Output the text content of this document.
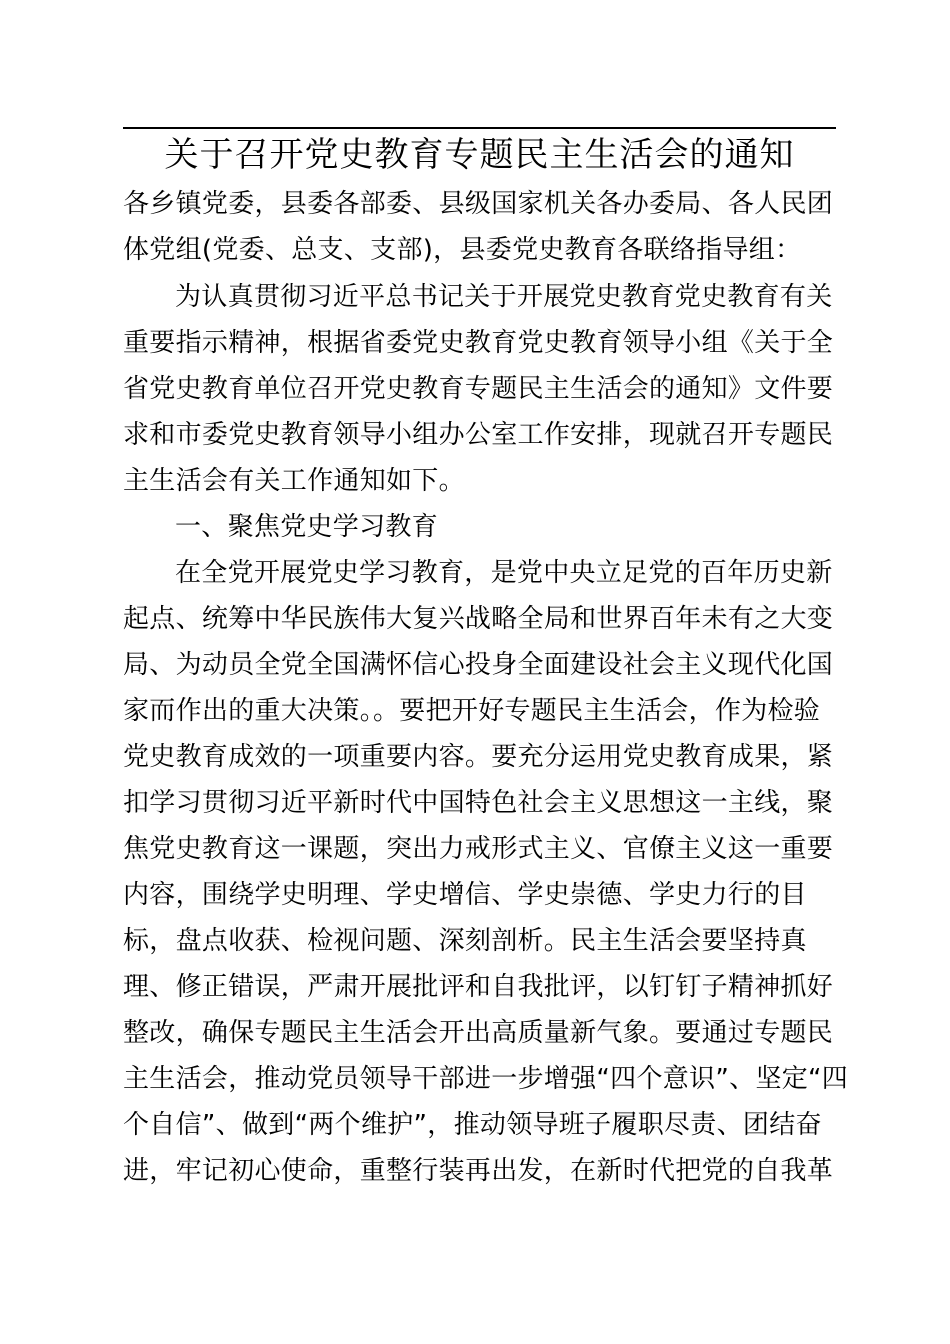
关于召开党史教育专题民主生活会的通知
各乡镇党委，县委各部委、县级国家机关各办委局、各人民团
体党组(党委、总支、支部)，县委党史教育各联络指导组：
为认真贯彻习近平总书记关于开展党史教育党史教育有关
重要指示精神，根据省委党史教育党史教育领导小组《关于全
省党史教育单位召开党史教育专题民主生活会的通知》文件要
求和市委党史教育领导小组办公室工作安排，现就召开专题民
主生活会有关工作通知如下。
一、聚焦党史学习教育
在全党开展党史学习教育，是党中央立足党的百年历史新
起点、统筹中华民族伟大复兴战略全局和世界百年未有之大变
局、为动员全党全国满怀信心投身全面建设社会主义现代化国
家而作出的重大决策。。要把开好专题民主生活会，作为检验
党史教育成效的一项重要内容。要充分运用党史教育成果，紧
扣学习贯彻习近平新时代中国特色社会主义思想这一主线，聚
焦党史教育这一课题，突出力戒形式主义、官僚主义这一重要
内容，围绕学史明理、学史增信、学史崇德、学史力行的目
标，盘点收获、检视问题、深刻剖析。民主生活会要坚持真
理、修正错误，严肃开展批评和自我批评，以钉钉子精神抓好
整改，确保专题民主生活会开出高质量新气象。要通过专题民
主生活会，推动党员领导干部进一步增强“四个意识”、坚定“四
个自信”、做到“两个维护”，推动领导班子履职尽责、团结奋
进，牢记初心使命，重整行装再出发，在新时代把党的自我革
